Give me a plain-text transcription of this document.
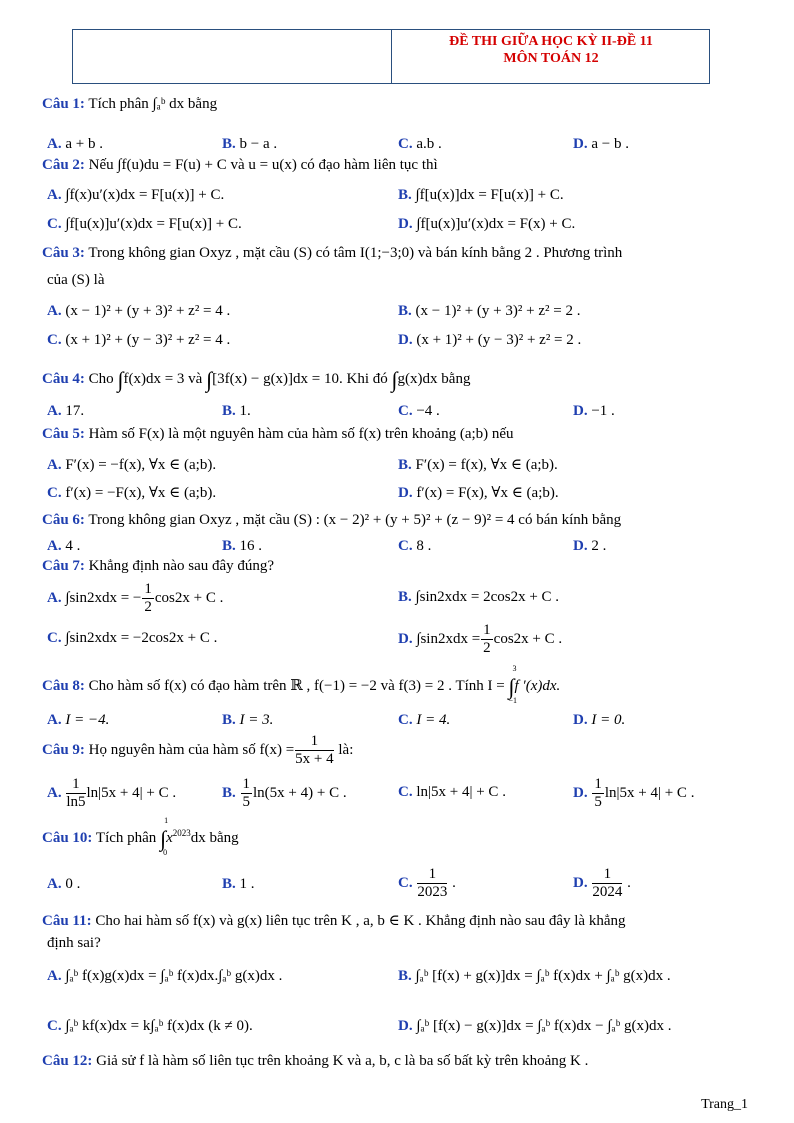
ĐỀ THI GIỮA HỌC KỲ II-ĐỀ 11
MÔN TOÁN 12
Câu 1: Tích phân ∫ₐᵇ dx bằng
A. a + b .	B. b − a .	C. a.b .	D. a − b .
Câu 2: Nếu ∫f(u)du = F(u) + C và u = u(x) có đạo hàm liên tục thì
A. ∫f(x)u′(x)dx = F[u(x)] + C.	B. ∫f[u(x)]dx = F[u(x)] + C.
C. ∫f[u(x)]u′(x)dx = F[u(x)] + C.	D. ∫f[u(x)]u′(x)dx = F(x) + C.
Câu 3: Trong không gian Oxyz , mặt cầu (S) có tâm I(1;−3;0) và bán kính bằng 2 . Phương trình
của (S) là
A. (x − 1)² + (y + 3)² + z² = 4 .	B. (x − 1)² + (y + 3)² + z² = 2 .
C. (x + 1)² + (y − 3)² + z² = 4 .	D. (x + 1)² + (y − 3)² + z² = 2 .
Câu 4: Cho ∫f(x)dx = 3 và ∫[3f(x) − g(x)]dx = 10. Khi đó ∫g(x)dx bằng
A. 17.	B. 1.	C. −4 .	D. −1 .
Câu 5: Hàm số F(x) là một nguyên hàm của hàm số f(x) trên khoảng (a;b) nếu
A. F′(x) = −f(x), ∀x ∈ (a;b).	B. F′(x) = f(x), ∀x ∈ (a;b).
C. f′(x) = −F(x), ∀x ∈ (a;b).	D. f′(x) = F(x), ∀x ∈ (a;b).
Câu 6: Trong không gian Oxyz , mặt cầu (S) : (x − 2)² + (y + 5)² + (z − 9)² = 4 có bán kính bằng
A. 4 .	B. 16 .	C. 8 .	D. 2 .
Câu 7: Khẳng định nào sau đây đúng?
A. ∫sin2xdx = − $\frac{1}{2} \cos 2x + C$ .	B. ∫sin2xdx = 2cos2x + C .
C. ∫sin2xdx = −2cos2x + C .	D. $\int\sin 2xdx = \frac{1}{2} \cos 2x + C$ .
Câu 8: Cho hàm số f(x) có đạo hàm trên ℝ , f(−1) = −2 và f(3) = 2 . Tính I = ∫
3
−1
f ′(x)dx.
A. I = −4.	B. I = 3.	C. I = 4.	D. I = 0.
Câu 9: Họ nguyên hàm của hàm số $f(x) = \frac{1}{5x + 4}$ là:
A. $\frac{1}{\ln 5} \ln|5x + 4| + C$ .	B. $\frac{1}{5} \ln(5x + 4) + C$ .	C. ln|5x + 4| + C .	D. $\frac{1}{5} \ln|5x + 4| + C$ .
Câu 10: Tích phân ∫
1
0
$x^{2023}dx$ bằng
A. 0 .	B. 1 .	C. $\frac{1}{2023}$ .	D. $\frac{1}{2024}$ .
Câu 11: Cho hai hàm số f(x) và g(x) liên tục trên K , a, b ∈ K . Khẳng định nào sau đây là khẳng
định sai?
A. ∫ₐᵇ f(x)g(x)dx = ∫ₐᵇ f(x)dx.∫ₐᵇ g(x)dx .	B. ∫ₐᵇ [f(x) + g(x)]dx = ∫ₐᵇ f(x)dx + ∫ₐᵇ g(x)dx .
C. ∫ₐᵇ kf(x)dx = k∫ₐᵇ f(x)dx (k ≠ 0).	D. ∫ₐᵇ [f(x) − g(x)]dx = ∫ₐᵇ f(x)dx − ∫ₐᵇ g(x)dx .
Câu 12: Giả sử f là hàm số liên tục trên khoảng K và a, b, c là ba số bất kỳ trên khoảng K .
Trang_1
